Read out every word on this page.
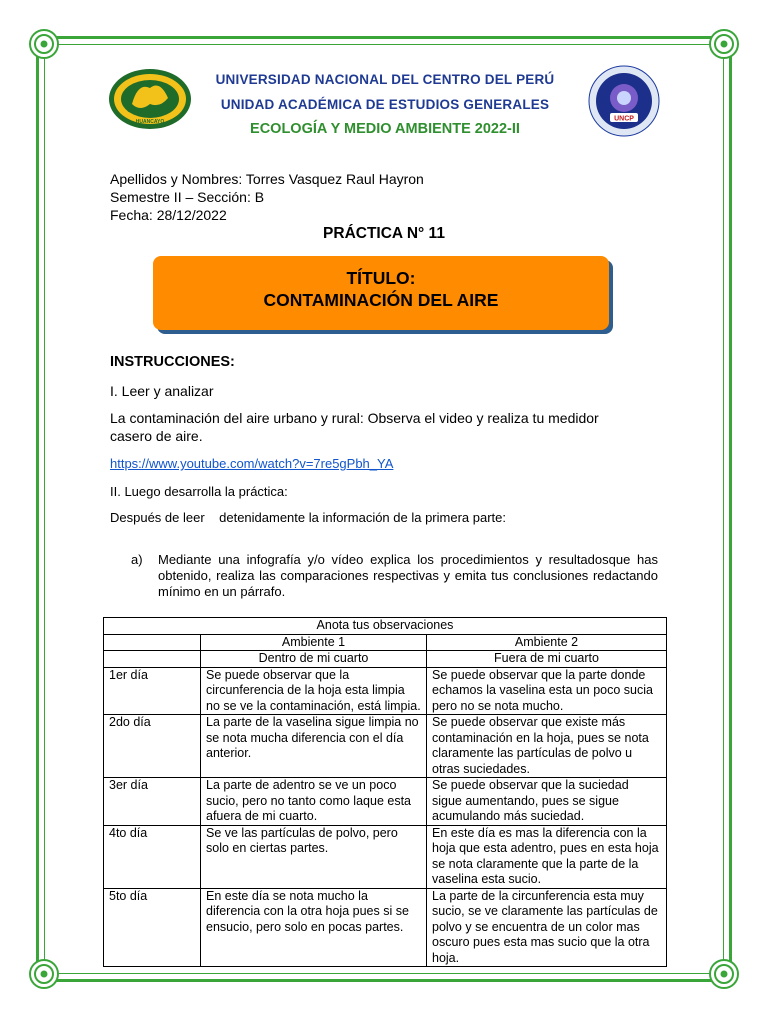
HUANCAYO	UNCP
UNIVERSIDAD NACIONAL DEL CENTRO DEL PERÚ
UNIDAD ACADÉMICA DE ESTUDIOS GENERALES
ECOLOGÍA Y MEDIO AMBIENTE 2022-II
Apellidos y Nombres: Torres Vasquez Raul Hayron
Semestre II – Sección: B
Fecha: 28/12/2022
PRÁCTICA N° 11
TÍTULO:
CONTAMINACIÓN DEL AIRE
INSTRUCCIONES:
I. Leer y analizar
La contaminación del aire urbano y rural: Observa el video y realiza tu medidor
casero de aire.
https://www.youtube.com/watch?v=7re5gPbh_YA
II. Luego desarrolla la práctica:
Después de leer    detenidamente la información de la primera parte:
a) Mediante una infografía y/o vídeo explica los procedimientos y resultadosque has obtenido, realiza las comparaciones respectivas y emita tus conclusiones redactando mínimo en un párrafo.
Anota tus observaciones		
	Ambiente 1	Ambiente 2
	Dentro de mi cuarto	Fuera de mi cuarto
1er día	Se puede observar que la circunferencia de la hoja esta limpia no se ve la contaminación, está limpia.	Se puede observar que la parte donde echamos la vaselina esta un poco sucia pero no se nota mucho.
2do día	La parte de la vaselina sigue limpia no se nota mucha diferencia con el día anterior.	Se puede observar que existe más contaminación en la hoja, pues se nota claramente las partículas de polvo u otras suciedades.
3er día	La parte de adentro se ve un poco sucio, pero no tanto como laque esta afuera de mi cuarto.	Se puede observar que la suciedad sigue aumentando, pues se sigue acumulando más suciedad.
4to día	Se ve las partículas de polvo, pero solo en ciertas partes.	En este día es mas la diferencia con la hoja que esta adentro, pues en esta hoja se nota claramente que la parte de la vaselina esta sucio.
5to día	En este día se nota mucho la diferencia con la otra hoja pues si se ensucio, pero solo en pocas partes.	La parte de la circunferencia esta muy sucio, se ve claramente las partículas de polvo y se encuentra de un color mas oscuro pues esta mas sucio que la otra hoja.
